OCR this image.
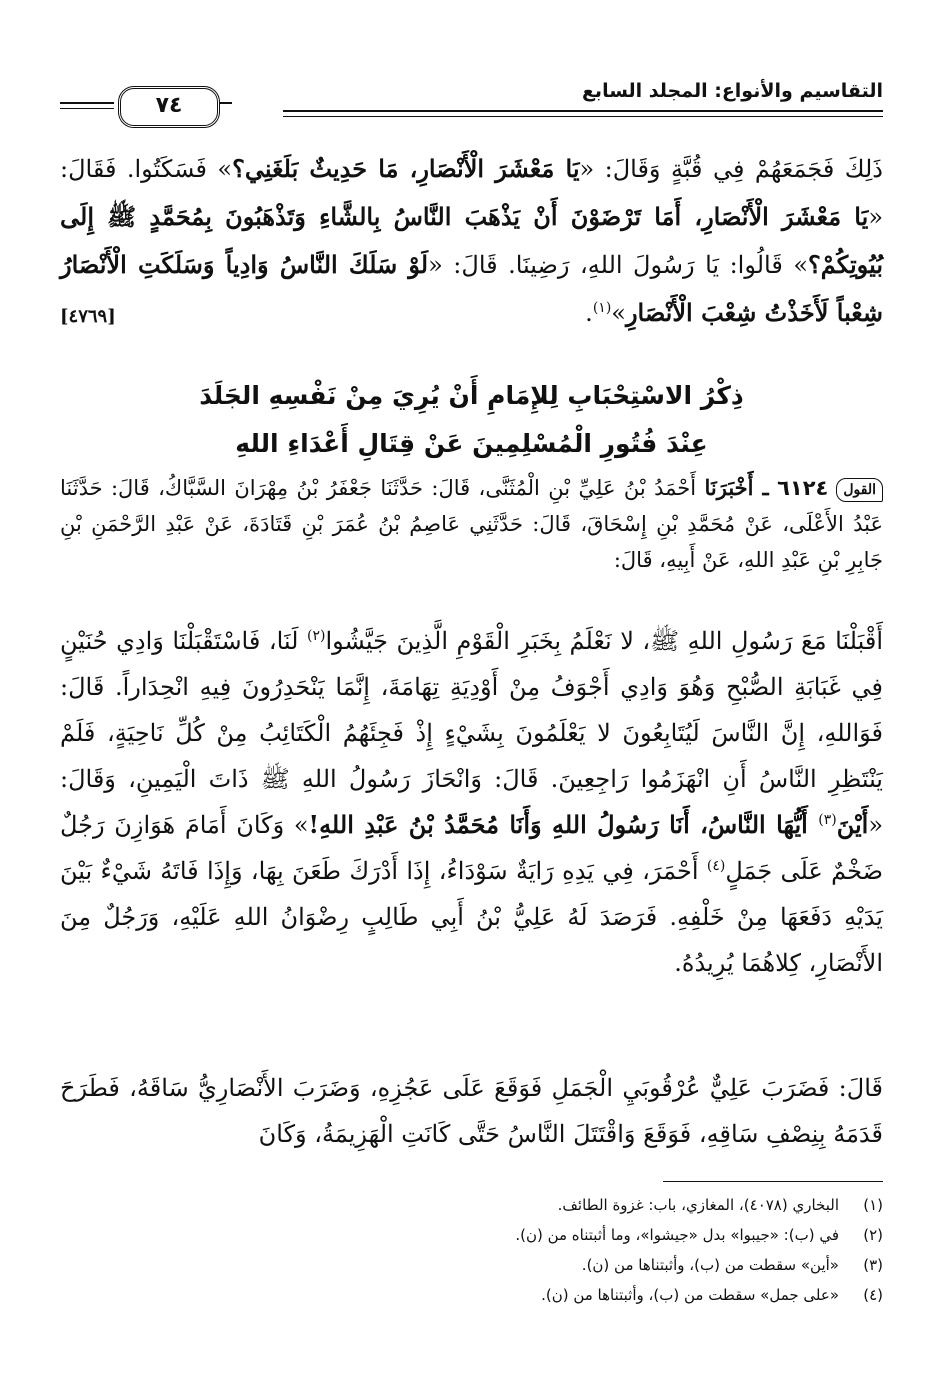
التقاسيم والأنواع: المجلد السابع
٧٤
ذَلِكَ فَجَمَعَهُمْ فِي قُبَّةٍ وَقَالَ: «يَا مَعْشَرَ الْأَنْصَارِ، مَا حَدِيثٌ بَلَغَنِي؟» فَسَكَتُوا. فَقَالَ: «يَا مَعْشَرَ الْأَنْصَارِ، أَمَا تَرْضَوْنَ أَنْ يَذْهَبَ النَّاسُ بِالشَّاءِ وَتَذْهَبُونَ بِمُحَمَّدٍ ﷺ إِلَى بُيُوتِكُمْ؟» قَالُوا: يَا رَسُولَ اللهِ، رَضِينَا. قَالَ: «لَوْ سَلَكَ النَّاسُ وَادِياً وَسَلَكَتِ الْأَنْصَارُ شِعْباً لَأَخَذْتُ شِعْبَ الْأَنْصَارِ»$^{(١)}$.
[٤٧٦٩]
ذِكْرُ الاسْتِحْبَابِ لِلإِمَامِ أَنْ يُرِيَ مِنْ نَفْسِهِ الجَلَدَ
عِنْدَ فُتُورِ الْمُسْلِمِينَ عَنْ قِتَالِ أَعْدَاءِ اللهِ
القول٦١٢٤ ـ أَخْبَرَنَا أَحْمَدُ بْنُ عَلِيِّ بْنِ الْمُثَنَّى، قَالَ: حَدَّثَنَا جَعْفَرُ بْنُ مِهْرَانَ السَّبَّاكُ، قَالَ: حَدَّثَنَا عَبْدُ الأَعْلَى، عَنْ مُحَمَّدِ بْنِ إِسْحَاقَ، قَالَ: حَدَّثَنِي عَاصِمُ بْنُ عُمَرَ بْنِ قَتَادَةَ، عَنْ عَبْدِ الرَّحْمَنِ بْنِ جَابِرِ بْنِ عَبْدِ اللهِ، عَنْ أَبِيهِ، قَالَ:
أَقْبَلْنَا مَعَ رَسُولِ اللهِ ﷺ، لا نَعْلَمُ بِخَبَرِ الْقَوْمِ الَّذِينَ جَيَّشُوا$^{(٢)}$ لَنَا، فَاسْتَقْبَلْنَا وَادِي حُنَيْنٍ فِي غَبَابَةِ الصُّبْحِ وَهُوَ وَادِي أَجْوَفُ مِنْ أَوْدِيَةِ تِهَامَةَ، إِنَّمَا يَنْحَدِرُونَ فِيهِ انْحِدَاراً. قَالَ: فَوَاللهِ، إِنَّ النَّاسَ لَيُتَابِعُونَ لا يَعْلَمُونَ بِشَيْءٍ إِذْ فَجِئَهُمُ الْكَتَائِبُ مِنْ كُلِّ نَاحِيَةٍ، فَلَمْ يَنْتَظِرِ النَّاسُ أَنِ انْهَزَمُوا رَاجِعِينَ. قَالَ: وَانْحَازَ رَسُولُ اللهِ ﷺ ذَاتَ الْيَمِينِ، وَقَالَ: «أَيْنَ$^{(٣)}$ أَيُّهَا النَّاسُ، أَنَا رَسُولُ اللهِ وَأَنَا مُحَمَّدُ بْنُ عَبْدِ اللهِ!» وَكَانَ أَمَامَ هَوَازِنَ رَجُلٌ ضَخْمٌ عَلَى جَمَلٍ$^{(٤)}$ أَحْمَرَ، فِي يَدِهِ رَايَةٌ سَوْدَاءُ، إِذَا أَدْرَكَ طَعَنَ بِهَا، وَإِذَا فَاتَهُ شَيْءٌ بَيْنَ يَدَيْهِ دَفَعَهَا مِنْ خَلْفِهِ. فَرَصَدَ لَهُ عَلِيُّ بْنُ أَبِي طَالِبٍ رِضْوَانُ اللهِ عَلَيْهِ، وَرَجُلٌ مِنَ الأَنْصَارِ، كِلاهُمَا يُرِيدُهُ.
قَالَ: فَضَرَبَ عَلِيٌّ عُرْقُوبَيِ الْجَمَلِ فَوَقَعَ عَلَى عَجُزِهِ، وَضَرَبَ الأَنْصَارِيُّ سَاقَهُ، فَطَرَحَ قَدَمَهُ بِنِصْفِ سَاقِهِ، فَوَقَعَ وَاقْتَتَلَ النَّاسُ حَتَّى كَانَتِ الْهَزِيمَةُ، وَكَانَ
(١)البخاري (٤٠٧٨)، المغازي، باب: غزوة الطائف.
(٢)في (ب): «جيبوا» بدل «جيشوا»، وما أثبتناه من (ن).
(٣)«أين» سقطت من (ب)، وأثبتناها من (ن).
(٤)«على جمل» سقطت من (ب)، وأثبتناها من (ن).
